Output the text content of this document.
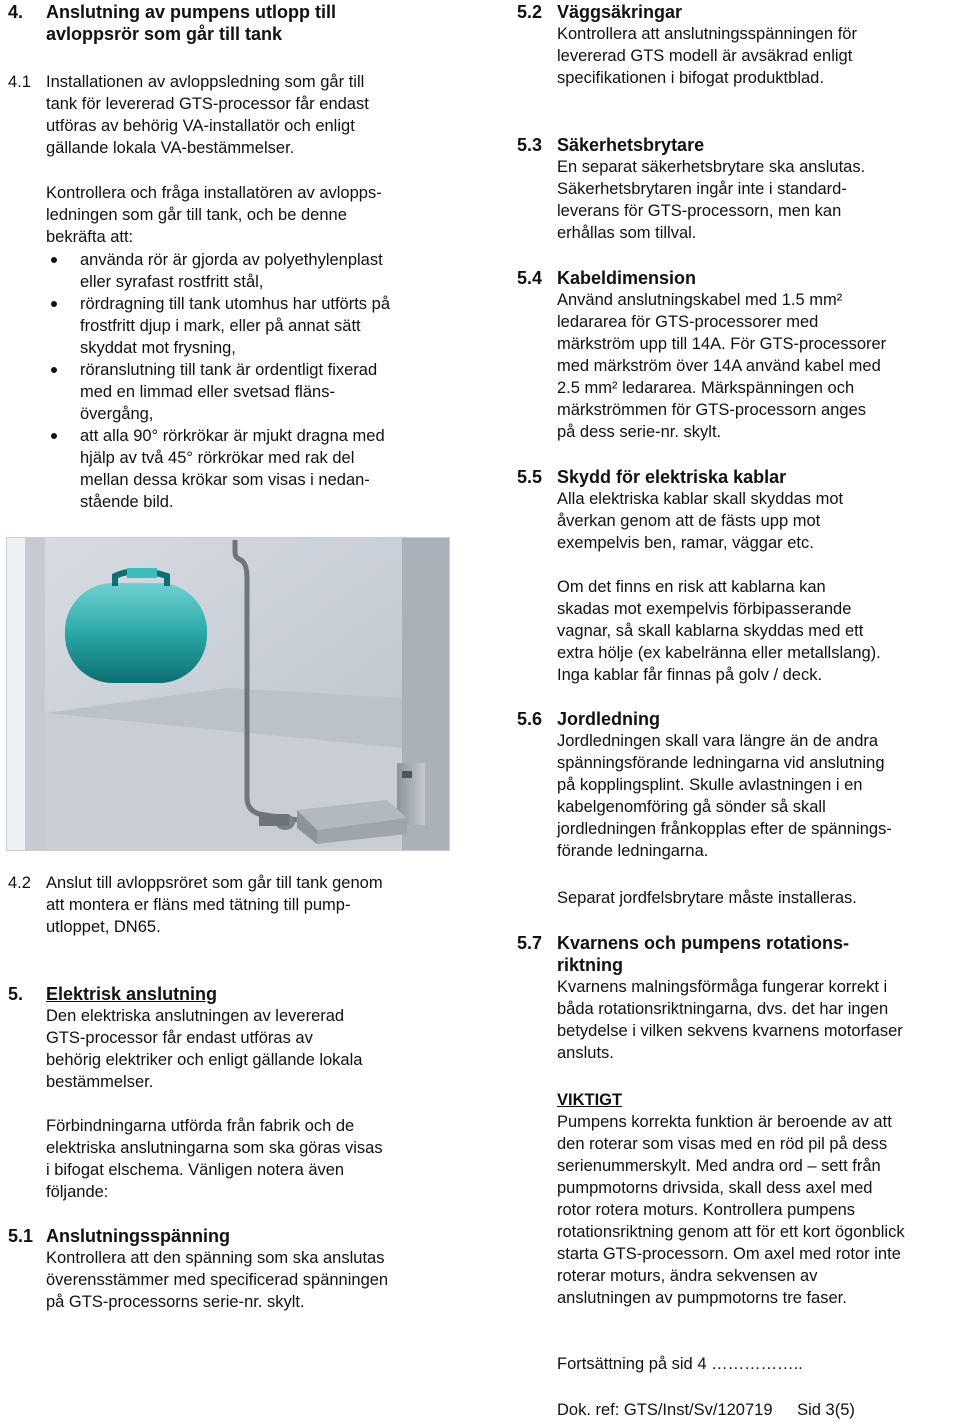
4.	Anslutning av pumpens utlopp till
avloppsrör som går till tank
4.1 Installationen av avloppsledning som går till
tank för levererad GTS-processor får endast
utföras av behörig VA-installatör och enligt
gällande lokala VA-bestämmelser.
Kontrollera och fråga installatören av avlopps-
ledningen som går till tank, och be denne
bekräfta att:
använda rör är gjorda av polyethylenplast
eller syrafast rostfritt stål,
rördragning till tank utomhus har utförts på
frostfritt djup i mark, eller på annat sätt
skyddat mot frysning,
röranslutning till tank är ordentligt fixerad
med en limmad eller svetsad fläns-
övergång,
att alla 90° rörkrökar är mjukt dragna med
hjälp av två 45° rörkrökar med rak del
mellan dessa krökar som visas i nedan-
stående bild.
4.2 Anslut till avloppsröret som går till tank genom
att montera er fläns med tätning till pump-
utloppet, DN65.
5.	Elektrisk anslutning
Den elektriska anslutningen av levererad
GTS-processor får endast utföras av
behörig elektriker och enligt gällande lokala
bestämmelser.
Förbindningarna utförda från fabrik och de
elektriska anslutningarna som ska göras visas
i bifogat elschema. Vänligen notera även
följande:
5.1 Anslutningsspänning
Kontrollera att den spänning som ska anslutas
överensstämmer med specificerad spänningen
på GTS-processorns serie-nr. skylt.
5.2 Väggsäkringar
Kontrollera att anslutningsspänningen för
levererad GTS modell är avsäkrad enligt
specifikationen i bifogat produktblad.
5.3 Säkerhetsbrytare
En separat säkerhetsbrytare ska anslutas.
Säkerhetsbrytaren ingår inte i standard-
leverans för GTS-processorn, men kan
erhållas som tillval.
5.4 Kabeldimension
Använd anslutningskabel med 1.5 mm²
ledararea för GTS-processorer med
märkström upp till 14A. För GTS-processorer
med märkström över 14A använd kabel med
2.5 mm² ledararea. Märkspänningen och
märkströmmen för GTS-processorn anges
på dess serie-nr. skylt.
5.5 Skydd för elektriska kablar
Alla elektriska kablar skall skyddas mot
åverkan genom att de fästs upp mot
exempelvis ben, ramar, väggar etc.
Om det finns en risk att kablarna kan
skadas mot exempelvis förbipasserande
vagnar, så skall kablarna skyddas med ett
extra hölje (ex kabelränna eller metallslang).
Inga kablar får finnas på golv / deck.
5.6 Jordledning
Jordledningen skall vara längre än de andra
spänningsförande ledningarna vid anslutning
på kopplingsplint. Skulle avlastningen i en
kabelgenomföring gå sönder så skall
jordledningen frånkopplas efter de spännings-
förande ledningarna.
Separat jordfelsbrytare måste installeras.
5.7 Kvarnens och pumpens rotations-
riktning
Kvarnens malningsförmåga fungerar korrekt i
båda rotationsriktningarna, dvs. det har ingen
betydelse i vilken sekvens kvarnens motorfaser
ansluts.
VIKTIGT
Pumpens korrekta funktion är beroende av att
den roterar som visas med en röd pil på dess
serienummerskylt. Med andra ord – sett från
pumpmotorns drivsida, skall dess axel med
rotor rotera moturs. Kontrollera pumpens
rotationsriktning genom att för ett kort ögonblick
starta GTS-processorn. Om axel med rotor inte
roterar moturs, ändra sekvensen av
anslutningen av pumpmotorns tre faser.
Fortsättning på sid 4 ……………..
Dok. ref: GTS/Inst/Sv/120719 Sid 3(5)
